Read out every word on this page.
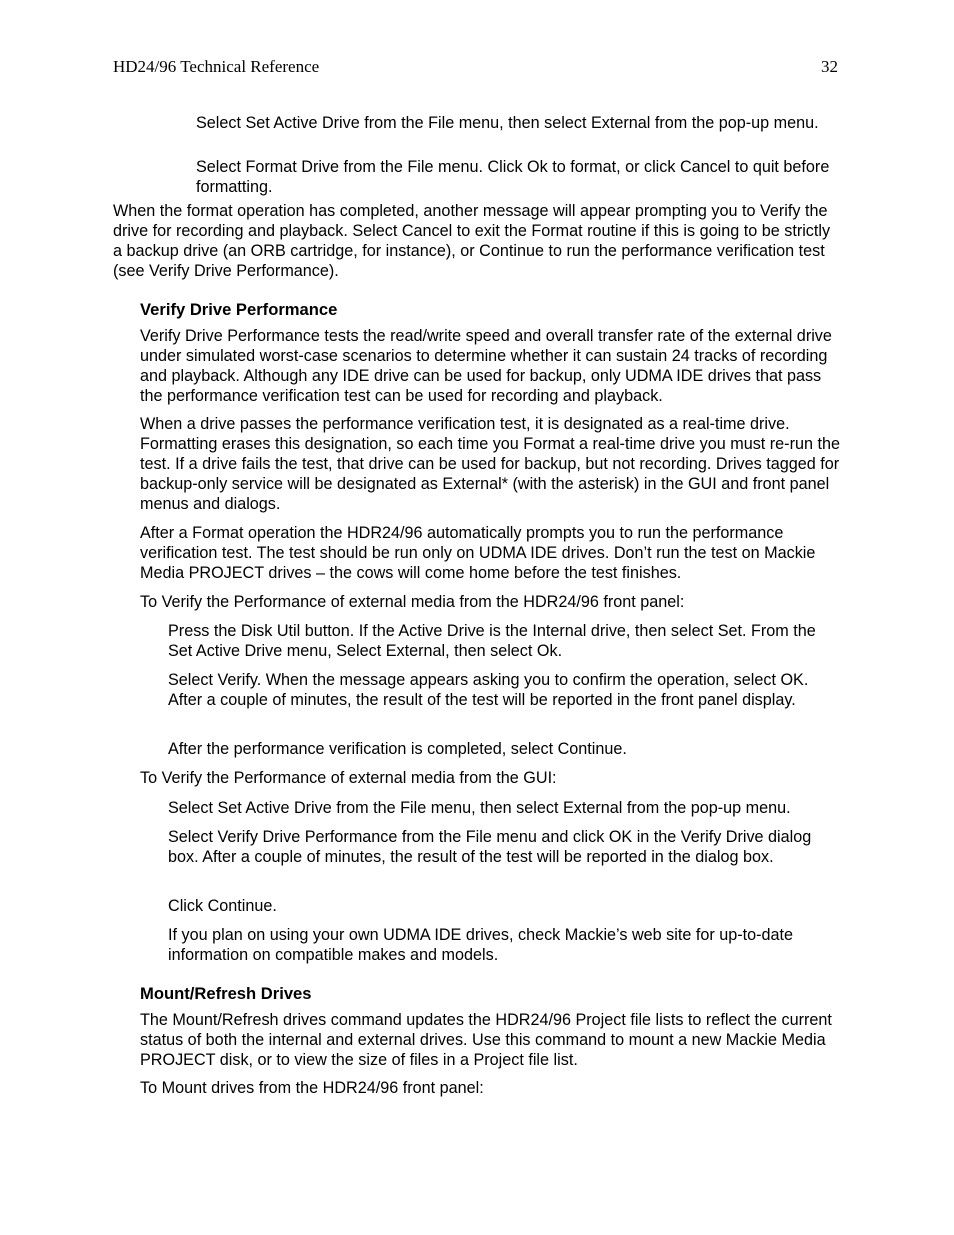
HD24/96 Technical Reference	32

Select Set Active Drive from the File menu, then select External from the pop-up menu.

Select Format Drive from the File menu. Click Ok to format, or click Cancel to quit before formatting.

When the format operation has completed, another message will appear prompting you to Verify the drive for recording and playback. Select Cancel to exit the Format routine if this is going to be strictly a backup drive (an ORB cartridge, for instance), or Continue to run the performance verification test (see Verify Drive Performance).

Verify Drive Performance

Verify Drive Performance tests the read/write speed and overall transfer rate of the external drive under simulated worst-case scenarios to determine whether it can sustain 24 tracks of recording and playback. Although any IDE drive can be used for backup, only UDMA IDE drives that pass the performance verification test can be used for recording and playback.

When a drive passes the performance verification test, it is designated as a real-time drive. Formatting erases this designation, so each time you Format a real-time drive you must re-run the test. If a drive fails the test, that drive can be used for backup, but not recording. Drives tagged for backup-only service will be designated as External* (with the asterisk) in the GUI and front panel menus and dialogs.

After a Format operation the HDR24/96 automatically prompts you to run the performance verification test. The test should be run only on UDMA IDE drives. Don’t run the test on Mackie Media PROJECT drives – the cows will come home before the test finishes.

To Verify the Performance of external media from the HDR24/96 front panel:

Press the Disk Util button. If the Active Drive is the Internal drive, then select Set. From the Set Active Drive menu, Select External, then select Ok.

Select Verify. When the message appears asking you to confirm the operation, select OK. After a couple of minutes, the result of the test will be reported in the front panel display.

After the performance verification is completed, select Continue.

To Verify the Performance of external media from the GUI:

Select Set Active Drive from the File menu, then select External from the pop-up menu.

Select Verify Drive Performance from the File menu and click OK in the Verify Drive dialog box. After a couple of minutes, the result of the test will be reported in the dialog box.

Click Continue.

If you plan on using your own UDMA IDE drives, check Mackie’s web site for up-to-date information on compatible makes and models.

Mount/Refresh Drives

The Mount/Refresh drives command updates the HDR24/96 Project file lists to reflect the current status of both the internal and external drives. Use this command to mount a new Mackie Media PROJECT disk, or to view the size of files in a Project file list.

To Mount drives from the HDR24/96 front panel:
